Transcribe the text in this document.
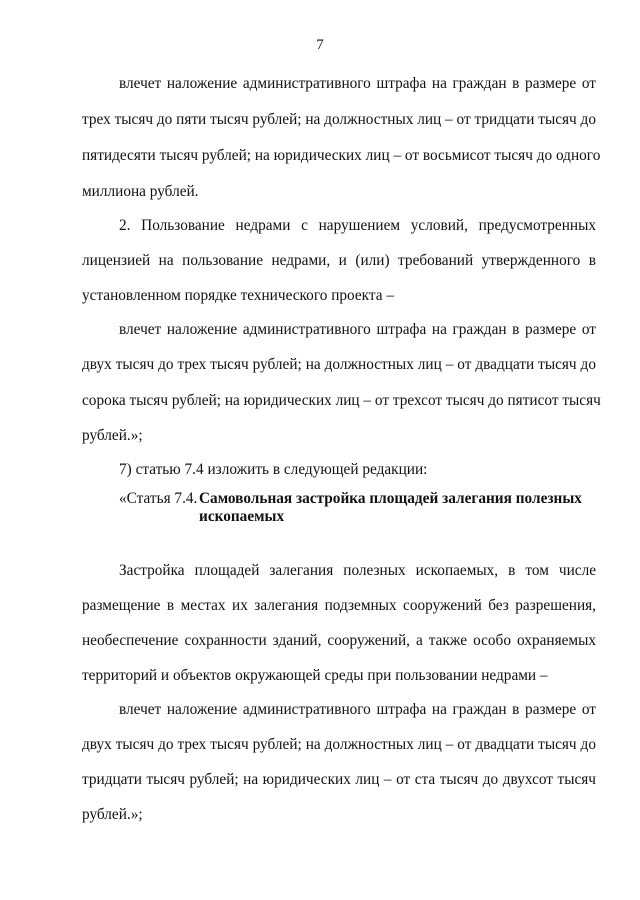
7
влечет наложение административного штрафа на граждан в размере от
трех тысяч до пяти тысяч рублей; на должностных лиц – от тридцати тысяч до
пятидесяти тысяч рублей; на юридических лиц – от восьмисот тысяч до одного
миллиона рублей.
2. Пользование недрами с нарушением условий, предусмотренных
лицензией на пользование недрами, и (или) требований утвержденного в
установленном порядке технического проекта –
влечет наложение административного штрафа на граждан в размере от
двух тысяч до трех тысяч рублей; на должностных лиц – от двадцати тысяч до
сорока тысяч рублей; на юридических лиц – от трехсот тысяч до пятисот тысяч
рублей.»;
7) статью 7.4 изложить в следующей редакции:
«Статья 7.4. Самовольная застройка площадей залегания полезных ископаемых
Застройка площадей залегания полезных ископаемых, в том числе
размещение в местах их залегания подземных сооружений без разрешения,
необеспечение сохранности зданий, сооружений, а также особо охраняемых
территорий и объектов окружающей среды при пользовании недрами –
влечет наложение административного штрафа на граждан в размере от
двух тысяч до трех тысяч рублей; на должностных лиц – от двадцати тысяч до
тридцати тысяч рублей; на юридических лиц – от ста тысяч до двухсот тысяч
рублей.»;
